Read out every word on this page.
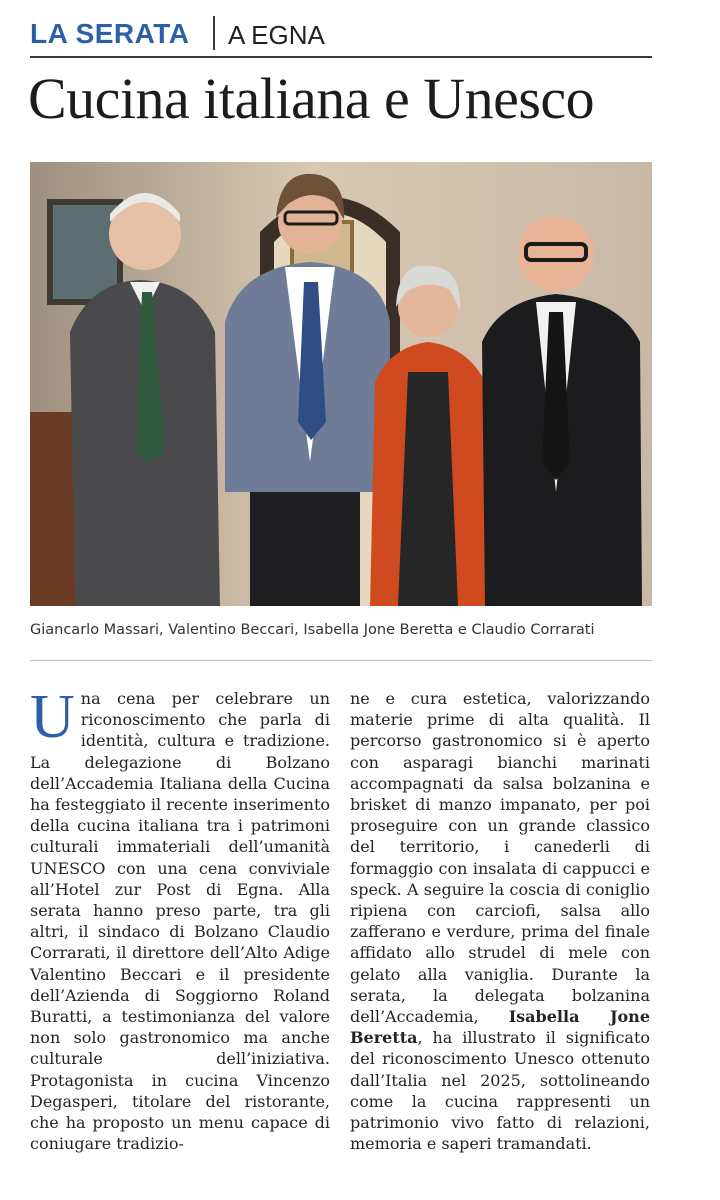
LA SERATA A EGNA
Cucina italiana e Unesco
Giancarlo Massari, Valentino Beccari, Isabella Jone Beretta e Claudio Corrarati
Una cena per celebrare un riconoscimento che parla di identità, cultura e tradizione. La delegazione di Bolzano dell’Accademia Italiana della Cucina ha festeggiato il recente inserimento della cucina italiana tra i patrimoni culturali immateriali dell’umanità UNESCO con una cena conviviale all’Hotel zur Post di Egna. Alla serata hanno preso parte, tra gli altri, il sindaco di Bolzano Claudio Corrarati, il direttore dell’Alto Adige Valentino Beccari e il presidente dell’Azienda di Soggiorno Roland Buratti, a testimonianza del valore non solo gastronomico ma anche culturale dell’iniziativa. Protagonista in cucina Vincenzo Degasperi, titolare del ristorante, che ha proposto un menu capace di coniugare tradizio-
ne e cura estetica, valorizzando materie prime di alta qualità. Il percorso gastronomico si è aperto con asparagi bianchi marinati accompagnati da salsa bolzanina e brisket di manzo impanato, per poi proseguire con un grande classico del territorio, i canederli di formaggio con insalata di cappucci e speck. A seguire la coscia di coniglio ripiena con carciofi, salsa allo zafferano e verdure, prima del finale affidato allo strudel di mele con gelato alla vaniglia. Durante la serata, la delegata bolzanina dell’Accademia, Isabella Jone Beretta, ha illustrato il significato del riconoscimento Unesco ottenuto dall’Italia nel 2025, sottolineando come la cucina rappresenti un patrimonio vivo fatto di relazioni, memoria e saperi tramandati.
